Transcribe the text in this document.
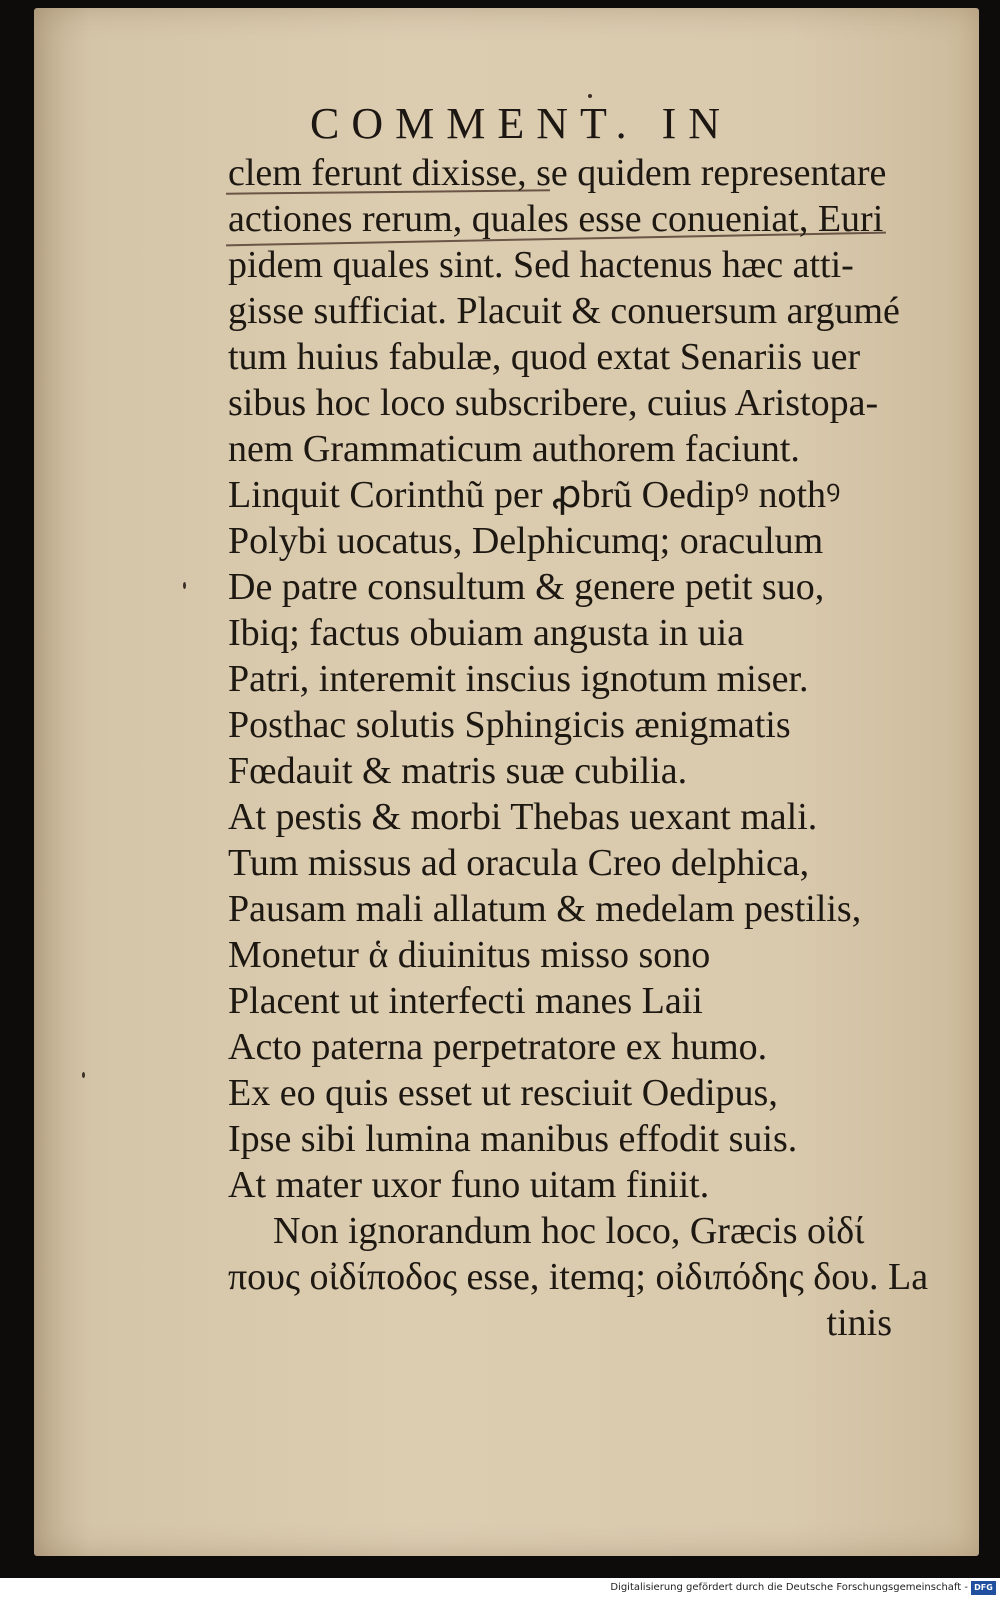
COMMENT. IN
clem ferunt dixisse, se quidem representare
actiones rerum, quales esse conueniat, Euri
pidem quales sint. Sed hactenus hæc atti-
gisse sufficiat. Placuit & conuersum argumé
tum huius fabulæ, quod extat Senariis uer
sibus hoc loco subscribere, cuius Aristopa-
nem Grammaticum authorem faciunt.
Linquit Corinthũ per ꝓbrũ Oedipꝰ nothꝰ
Polybi uocatus, Delphicumq; oraculum
De patre consultum & genere petit suo,
Ibiq; factus obuiam angusta in uia
Patri, interemit inscius ignotum miser.
Posthac solutis Sphingicis ænigmatis
Fœdauit & matris suæ cubilia.
At pestis & morbi Thebas uexant mali.
Tum missus ad oracula Creo delphica,
Pausam mali allatum & medelam pestilis,
Monetur ἁ diuinitus misso sono
Placent ut interfecti manes Laii
Acto paterna perpetratore ex humo.
Ex eo quis esset ut resciuit Oedipus,
Ipse sibi lumina manibus effodit suis.
At mater uxor funo uitam finiit.
Non ignorandum hoc loco, Græcis οἰδί
πους οἰδίποδος esse, itemq; οἰδιπόδης δου. La
tinis
Digitalisierung gefördert durch die Deutsche Forschungsgemeinschaft - DFG
